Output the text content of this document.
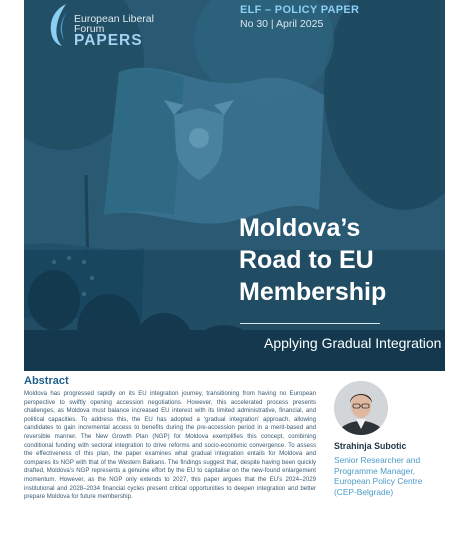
European Liberal
Forum
PAPERS
ELF – POLICY PAPER
No 30 | April 2025
Moldova’s
Road to EU
Membership
Applying Gradual Integration
Abstract

Moldova has progressed rapidly on its EU integration journey, transitioning from having no European perspective to swiftly opening accession negotiations. However, this accelerated process presents challenges, as Moldova must balance increased EU interest with its limited administrative, financial, and political capacities. To address this, the EU has adopted a ‘gradual integration’ approach, allowing candidates to gain incremental access to benefits during the pre-accession period in a merit-based and reversible manner. The New Growth Plan (NGP) for Moldova exemplifies this concept, combining conditional funding with sectoral integration to drive reforms and socio-economic convergence. To assess the effectiveness of this plan, the paper examines what gradual integration entails for Moldova and compares its NGP with that of the Western Balkans. The findings suggest that, despite having been quickly drafted, Moldova’s NGP represents a genuine effort by the EU to capitalise on the new-found enlargement momentum. However, as the NGP only extends to 2027, this paper argues that the EU’s 2024–2029 institutional and 2028–2034 financial cycles present critical opportunities to deepen integration and better prepare Moldova for future membership.

Strahinja Subotic
Senior Researcher and
Programme Manager,
European Policy Centre
(CEP-Belgrade)
